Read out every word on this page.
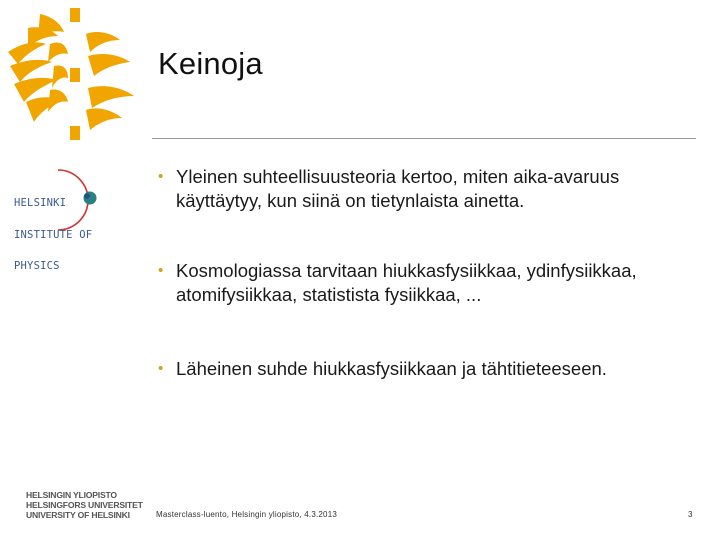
Keinoja

HELSINKI

INSTITUTE OF

PHYSICS

• Yleinen suhteellisuusteoria kertoo, miten aika-avaruus käyttäytyy, kun siinä on tietynlaista ainetta.
• Kosmologiassa tarvitaan hiukkasfysiikkaa, ydinfysiikkaa, atomifysiikkaa, statistista fysiikkaa, ...
• Läheinen suhde hiukkasfysiikkaan ja tähtitieteeseen.
HELSINGIN YLIOPISTO
HELSINGFORS UNIVERSITET
UNIVERSITY OF HELSINKI	Masterclass-luento, Helsingin yliopisto, 4.3.2013	3
